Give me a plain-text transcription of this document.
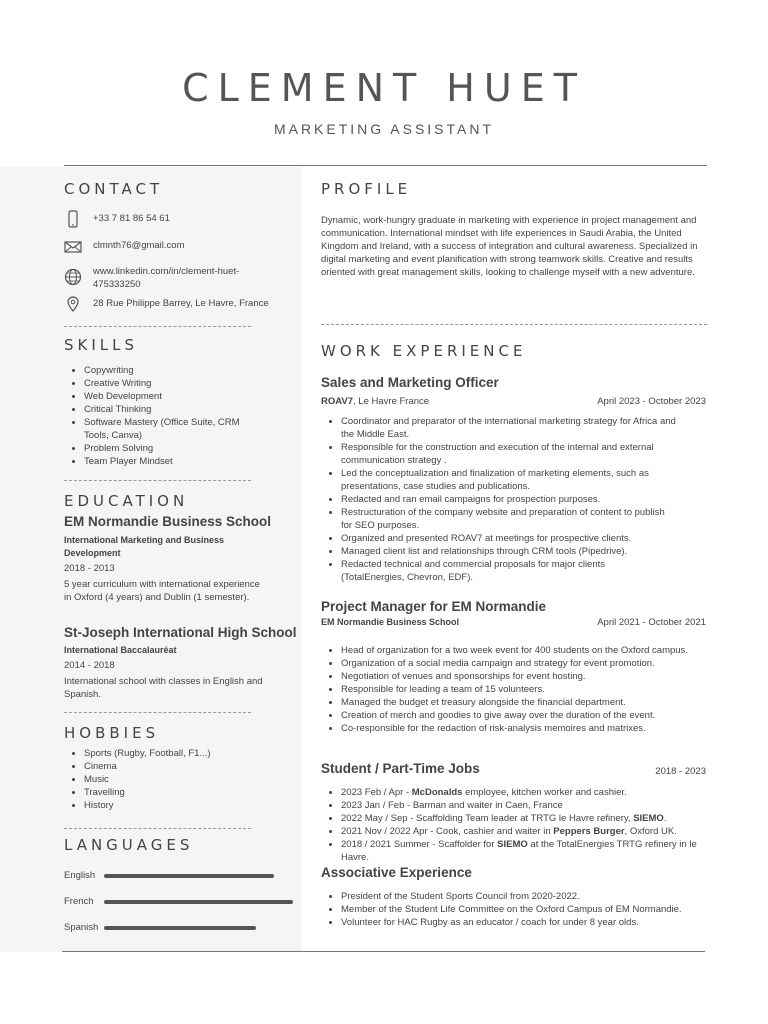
CLEMENT HUET
MARKETING ASSISTANT
CONTACT
+33 7 81 86 54 61
clmnth76@gmail.com
www.linkedin.com/in/clement-huet-
475333250
28 Rue Philippe Barrey, Le Havre, France
SKILLS
Copywriting
Creative Writing
Web Development
Critical Thinking
Software Mastery (Office Suite, CRM Tools, Canva)
Problem Solving
Team Player Mindset
EDUCATION
EM Normandie Business School
International Marketing and Business Development
2018 - 2013
5 year curriculum with international experience in Oxford (4 years) and Dublin (1 semester).
St-Joseph International High School
International Baccalauréat
2014 - 2018
International school with classes in English and Spanish.
HOBBIES
Sports (Rugby, Football, F1...)
Cinema
Music
Travelling
History
LANGUAGES
English
French
Spanish
PROFILE
Dynamic, work-hungry graduate in marketing with experience in project management and communication. International mindset with life experiences in Saudi Arabia, the United Kingdom and Ireland, with a success of integration and cultural awareness. Specialized in digital marketing and event planification with strong teamwork skills. Creative and results oriented with great management skills, looking to challenge myself with a new adventure.
WORK EXPERIENCE
Sales and Marketing Officer
ROAV7, Le Havre France	April 2023 - October 2023
Coordinator and preparator of the international marketing strategy for Africa and the Middle East.
Responsible for the construction and execution of the internal and external communication strategy .
Led the conceptualization and finalization of marketing elements, such as presentations, case studies and publications.
Redacted and ran email campaigns for prospection purposes.
Restructuration of the company website and preparation of content to publish for SEO purposes.
Organized and presented ROAV7 at meetings for prospective clients.
Managed client list and relationships through CRM tools (Pipedrive).
Redacted technical and commercial proposals for major clients (TotalEnergies, Chevron, EDF).
Project Manager for EM Normandie
EM Normandie Business School	April 2021 - October 2021
Head of organization for a two week event for 400 students on the Oxford campus.
Organization of a social media campaign and strategy for event promotion.
Negotiation of venues and sponsorships for event hosting.
Responsible for leading a team of 15 volunteers.
Managed the budget et treasury alongside the financial department.
Creation of merch and goodies to give away over the duration of the event.
Co-responsible for the redaction of risk-analysis memoires and matrixes.
Student / Part-Time Jobs	2018 - 2023
2023 Feb / Apr - McDonalds employee, kitchen worker and cashier.
2023 Jan / Feb - Barman and waiter in Caen, France
2022 May / Sep - Scaffolding Team leader at TRTG le Havre refinery, SIEMO.
2021 Nov / 2022 Apr - Cook, cashier and waiter in Peppers Burger, Oxford UK.
2018 / 2021 Summer - Scaffolder for SIEMO at the TotalEnergies TRTG refinery in le Havre.
Associative Experience
President of the Student Sports Council from 2020-2022.
Member of the Student Life Committee on the Oxford Campus of EM Normandie.
Volunteer for HAC Rugby as an educator / coach for under 8 year olds.
